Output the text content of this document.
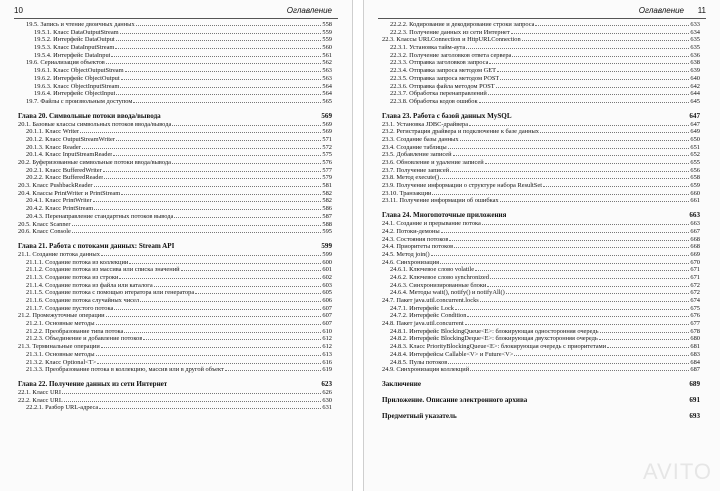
10	Оглавление
19.5. Запись и чтение двоичных данных	558
19.5.1. Класс DataOutputStream	559
19.5.2. Интерфейс DataOutput	559
19.5.3. Класс DataInputStream	560
19.5.4. Интерфейс DataInput	561
19.6. Сериализация объектов	562
19.6.1. Класс ObjectOutputStream	563
19.6.2. Интерфейс ObjectOutput	563
19.6.3. Класс ObjectInputStream	564
19.6.4. Интерфейс ObjectInput	564
19.7. Файлы с произвольным доступом	565
Глава 20. Символьные потоки ввода/вывода	569
20.1. Базовые классы символьных потоков ввода/вывода	569
20.1.1. Класс Writer	569
20.1.2. Класс OutputStreamWriter	571
20.1.3. Класс Reader	572
20.1.4. Класс InputStreamReader	575
20.2. Буферизованные символьные потоки ввода/вывода	576
20.2.1. Класс BufferedWriter	577
20.2.2. Класс BufferedReader	579
20.3. Класс PushbackReader	581
20.4. Классы PrintWriter и PrintStream	582
20.4.1. Класс PrintWriter	582
20.4.2. Класс PrintStream	586
20.4.3. Перенаправление стандартных потоков вывода	587
20.5. Класс Scanner	588
20.6. Класс Console	595
Глава 21. Работа с потоками данных: Stream API	599
21.1. Создание потока данных	599
21.1.1. Создание потока из коллекции	600
21.1.2. Создание потока из массива или списка значений	601
21.1.3. Создание потока из строки	602
21.1.4. Создание потока из файла или каталога	603
21.1.5. Создание потока с помощью итератора или генератора	605
21.1.6. Создание потока случайных чисел	606
21.1.7. Создание пустого потока	607
21.2. Промежуточные операции	607
21.2.1. Основные методы	607
21.2.2. Преобразование типа потока	610
21.2.3. Объединение и добавление потоков	612
21.3. Терминальные операции	612
21.3.1. Основные методы	613
21.3.2. Класс Optional<T>	616
21.3.3. Преобразование потока в коллекцию, массив или в другой объект	619
Глава 22. Получение данных из сети Интернет	623
22.1. Класс URI	626
22.2. Класс URL	630
22.2.1. Разбор URL-адреса	631
Оглавление 11
22.2.2. Кодирование и декодирование строки запроса	633
22.2.3. Получение данных из сети Интернет	634
22.3. Классы URLConnection и HttpURLConnection	635
22.3.1. Установка тайм-аута	635
22.3.2. Получение заголовков ответа сервера	636
22.3.3. Отправка заголовков запроса	638
22.3.4. Отправка запроса методом GET	639
22.3.5. Отправка запроса методом POST	640
22.3.6. Отправка файла методом POST	642
22.3.7. Обработка перенаправлений	644
22.3.8. Обработка кодов ошибок	645
Глава 23. Работа с базой данных MySQL	647
23.1. Установка JDBC-драйвера	647
23.2. Регистрация драйвера и подключение к базе данных	649
23.3. Создание базы данных	650
23.4. Создание таблицы	651
23.5. Добавление записей	652
23.6. Обновление и удаление записей	655
23.7. Получение записей	656
23.8. Метод execute()	658
23.9. Получение информации о структуре набора ResultSet	659
23.10. Транзакции	660
23.11. Получение информации об ошибках	661
Глава 24. Многопоточные приложения	663
24.1. Создание и прерывание потока	663
24.2. Потоки-демоны	667
24.3. Состояния потоков	668
24.4. Приоритеты потоков	668
24.5. Метод join()	669
24.6. Синхронизация	670
24.6.1. Ключевое слово volatile	671
24.6.2. Ключевое слово synchronized	671
24.6.3. Синхронизированные блоки	672
24.6.4. Методы wait(), notify() и notifyAll()	672
24.7. Пакет java.util.concurrent.locks	674
24.7.1. Интерфейс Lock	675
24.7.2. Интерфейс Condition	676
24.8. Пакет java.util.concurrent	677
24.8.1. Интерфейс BlockingQueue<E>: блокирующая односторонняя очередь	678
24.8.2. Интерфейс BlockingDeque<E>: блокирующая двухсторонняя очередь	680
24.8.3. Класс PriorityBlockingQueue<E>: блокирующая очередь с приоритетами	681
24.8.4. Интерфейсы Callable<V> и Future<V>	683
24.8.5. Пулы потоков	684
24.9. Синхронизация коллекций	687
Заключение	689
Приложение. Описание электронного архива	691
Предметный указатель	693
AVITO
